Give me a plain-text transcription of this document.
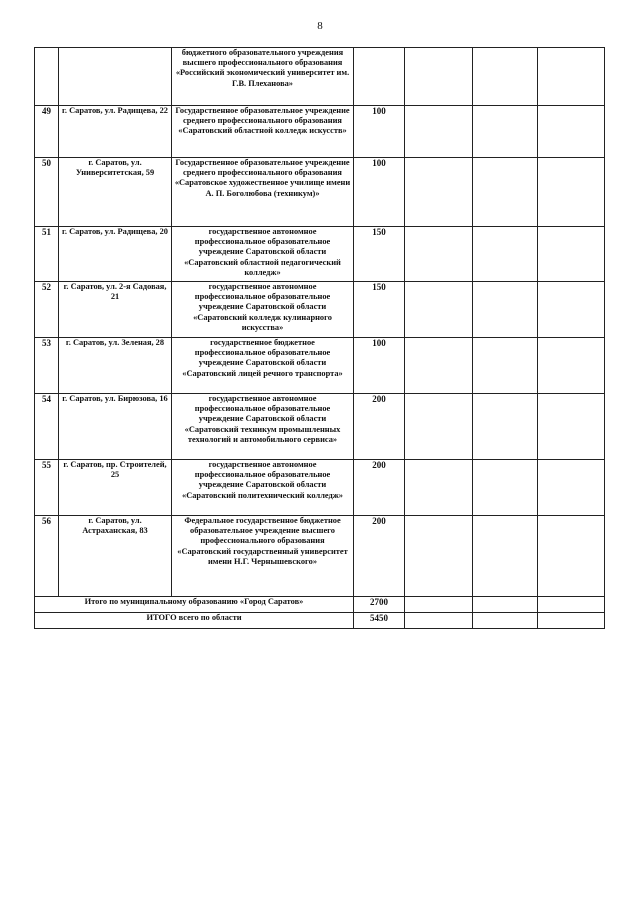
8
		бюджетного образовательного учреждения высшего профессионального образования «Российский экономический университет им. Г.В. Плеханова»				
49	г. Саратов, ул. Радищева, 22	Государственное образовательное учреждение среднего профессионального образования «Саратовский областной колледж искусств»	100			
50	г. Саратов, ул. Университетская, 59	Государственное образовательное учреждение среднего профессионального образования «Саратовское художественное училище имени А. П. Боголюбова (техникум)»	100			
51	г. Саратов, ул. Радищева, 20	государственное автономное профессиональное образовательное учреждение Саратовской области «Саратовский областной педагогический колледж»	150			
52	г. Саратов, ул. 2-я Садовая, 21	государственное автономное профессиональное образовательное учреждение Саратовской области «Саратовский колледж кулинарного искусства»	150			
53	г. Саратов, ул. Зеленая, 28	государственное бюджетное профессиональное образовательное учреждение Саратовской области «Саратовский лицей речного транспорта»	100			
54	г. Саратов, ул. Бирюзова, 16	государственное автономное профессиональное образовательное учреждение Саратовской области «Саратовский техникум промышленных технологий и автомобильного сервиса»	200			
55	г. Саратов, пр. Строителей, 25	государственное автономное профессиональное образовательное учреждение Саратовской области «Саратовский политехнический колледж»	200			
56	г. Саратов, ул. Астраханская, 83	Федеральное государственное бюджетное образовательное учреждение высшего профессионального образования «Саратовский государственный университет имени Н.Г. Чернышевского»	200			
Итого по муниципальному образованию «Город Саратов»			2700			
ИТОГО всего по области			5450			
